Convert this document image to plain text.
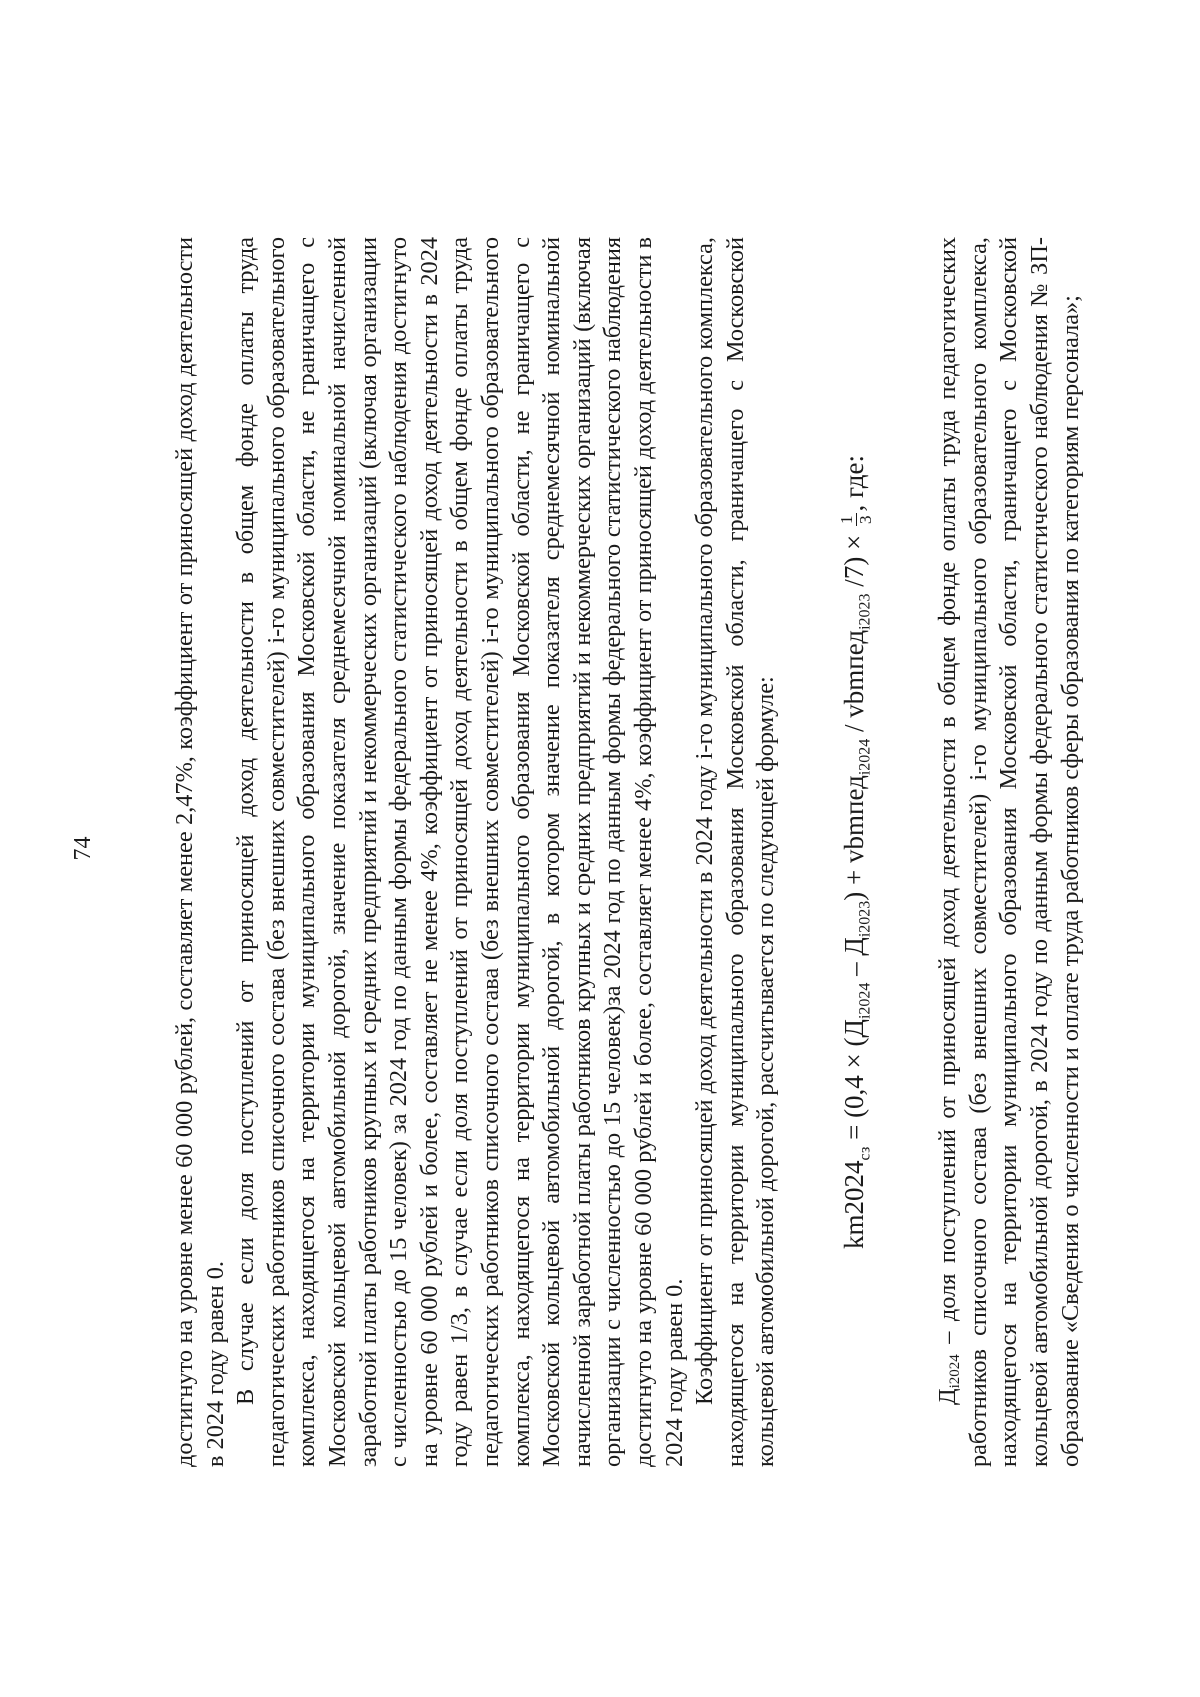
74	достигнуто на уровне менее 60 000 рублей, составляет менее 2,47%, коэффициент от приносящей доход деятельности в 2024 году равен 0. В случае если доля поступлений от приносящей доход деятельности в общем фонде оплаты труда педагогических работников списочного состава (без внешних совместителей) i-го муниципального образовательного комплекса, находящегося на территории муниципального образования Московской области, не граничащего с Московской кольцевой автомобильной дорогой, значение показателя среднемесячной номинальной начисленной заработной платы работников крупных и средних предприятий и некоммерческих организаций (включая организации с численностью до 15 человек) за 2024 год по данным формы федерального статистического наблюдения достигнуто на уровне 60 000 рублей и более, составляет не менее 4%, коэффициент от приносящей доход деятельности в 2024 году равен 1/3, в случае если доля поступлений от приносящей доход деятельности в общем фонде оплаты труда педагогических работников списочного состава (без внешних совместителей) i-го муниципального образовательного комплекса, находящегося на территории муниципального образования Московской области, не граничащего с Московской кольцевой автомобильной дорогой, в котором значение показателя среднемесячной номинальной начисленной заработной платы работников крупных и средних предприятий и некоммерческих организаций (включая организации с численностью до 15 человек)за 2024 год по данным формы федерального статистического наблюдения достигнуто на уровне 60 000 рублей и более, составляет менее 4%, коэффициент от приносящей доход деятельности в 2024 году равен 0. Коэффициент от приносящей доход деятельности в 2024 году i-го муниципального образовательного комплекса, находящегося на территории муниципального образования Московской области, граничащего с Московской кольцевой автомобильной дорогой, рассчитывается по следующей формуле: $km2024_{сз} = (0,4 \times (Д_{i2024} - Д_{i2023})$ + vbmпед$_{i2024}$ / vbmпед$_{i2023}$ /7) ×
1 3
, где:

$Д_{i2024}$ – доля поступлений от приносящей доход деятельности в общем фонде оплаты труда педагогических работников списочного состава (без внешних совместителей) i-го муниципального образовательного комплекса, находящегося на территории муниципального образования Московской области, граничащего с Московской кольцевой автомобильной дорогой, в 2024 году по данным формы федерального статистического наблюдения № ЗП-образование «Сведения о численности и оплате труда работников сферы образования по категориям персонала»;
